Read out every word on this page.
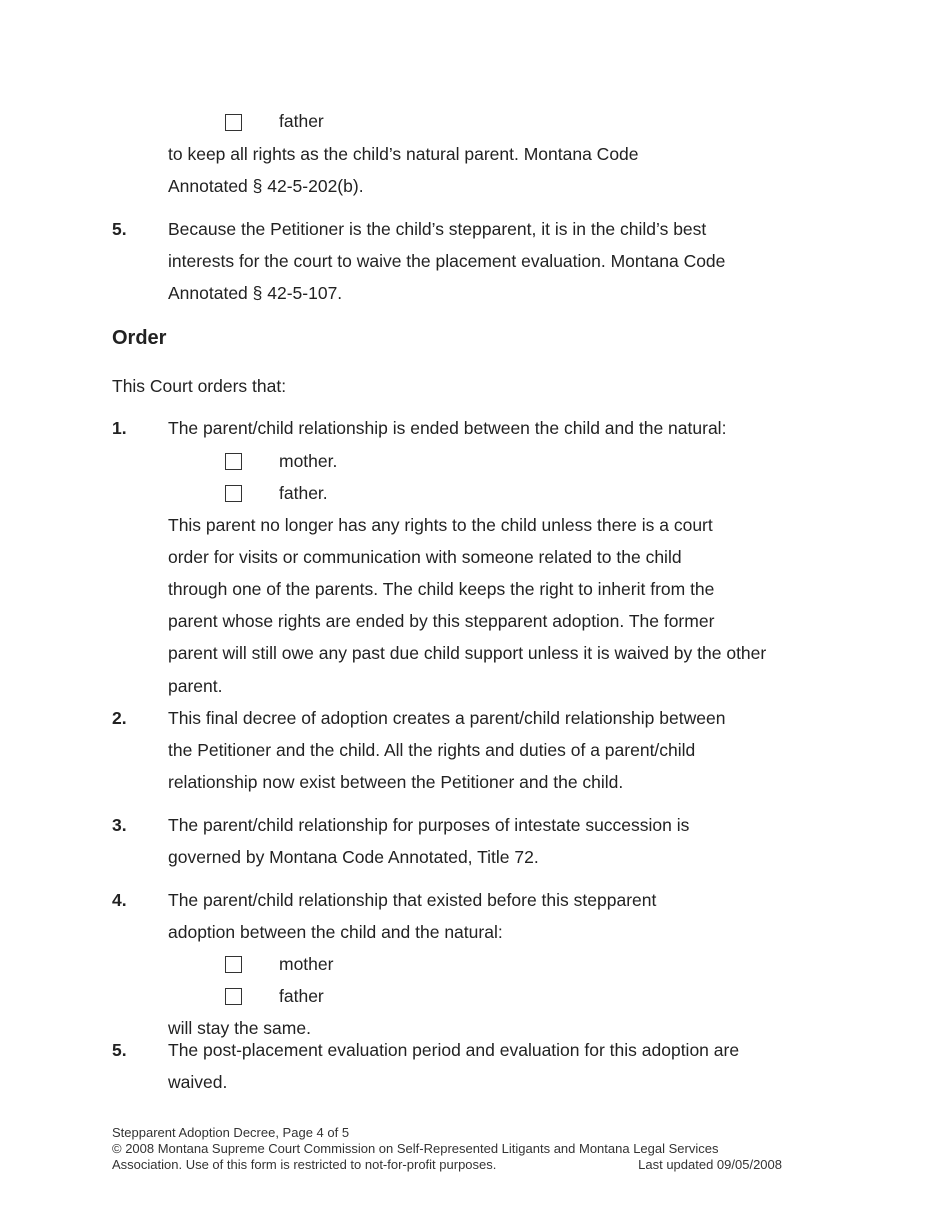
father
to keep all rights as the child’s natural parent. Montana Code
Annotated § 42-5-202(b).
5. Because the Petitioner is the child’s stepparent, it is in the child’s best
interests for the court to waive the placement evaluation. Montana Code
Annotated § 42-5-107.
Order
This Court orders that:
1. The parent/child relationship is ended between the child and the natural:
mother.
father.
This parent no longer has any rights to the child unless there is a court
order for visits or communication with someone related to the child
through one of the parents. The child keeps the right to inherit from the
parent whose rights are ended by this stepparent adoption. The former
parent will still owe any past due child support unless it is waived by the other
parent.
2. This final decree of adoption creates a parent/child relationship between
the Petitioner and the child. All the rights and duties of a parent/child
relationship now exist between the Petitioner and the child.
3. The parent/child relationship for purposes of intestate succession is
governed by Montana Code Annotated, Title 72.
4. The parent/child relationship that existed before this stepparent
adoption between the child and the natural:
mother
father
will stay the same.
5. The post-placement evaluation period and evaluation for this adoption are
waived.
Stepparent Adoption Decree, Page 4 of 5
© 2008 Montana Supreme Court Commission on Self-Represented Litigants and Montana Legal Services
Association. Use of this form is restricted to not-for-profit purposes.	Last updated 09/05/2008
